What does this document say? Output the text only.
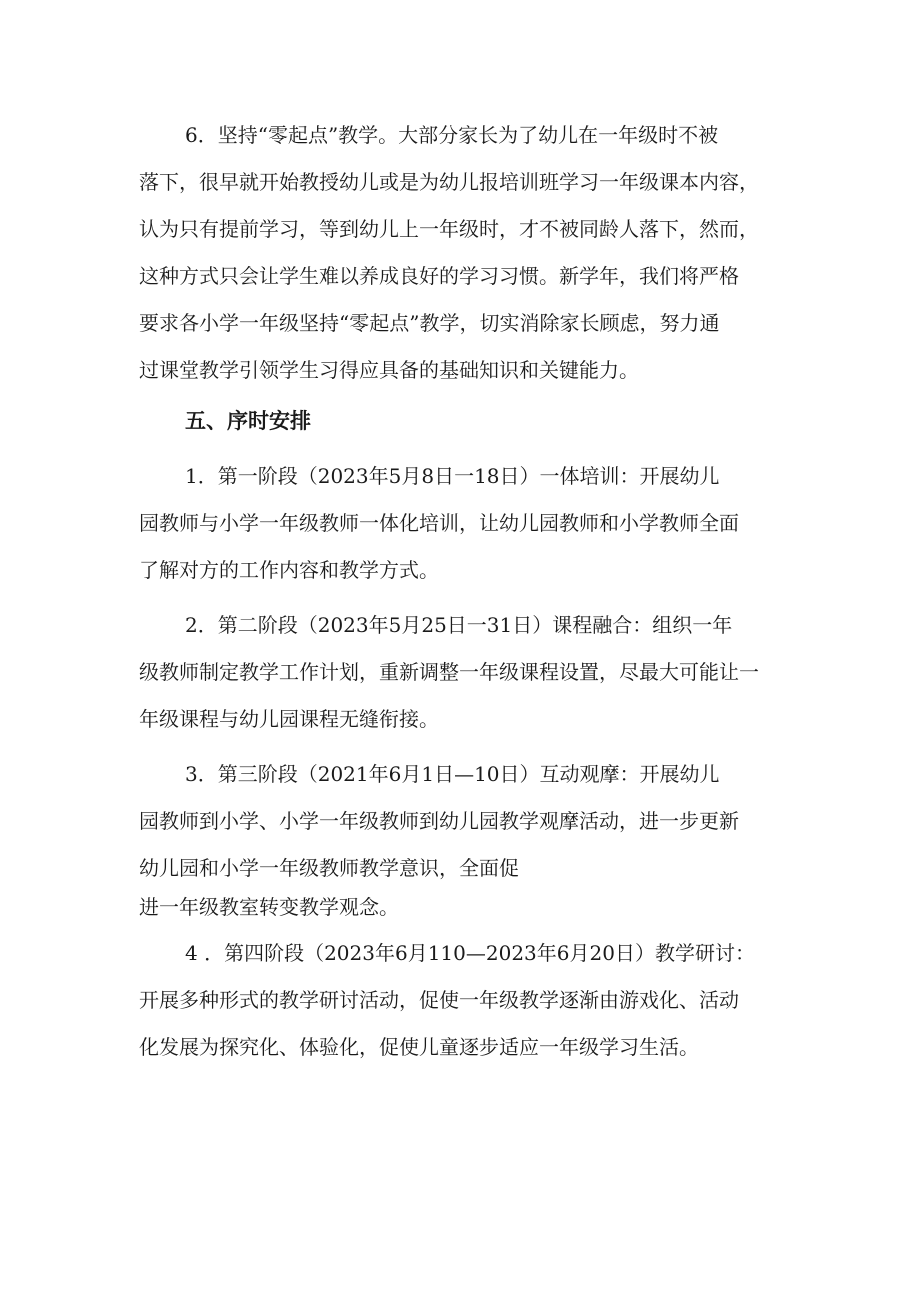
6．坚持“零起点”教学。大部分家长为了幼儿在一年级时不被
落下，很早就开始教授幼儿或是为幼儿报培训班学习一年级课本内容，
认为只有提前学习，等到幼儿上一年级时，才不被同龄人落下，然而，
这种方式只会让学生难以养成良好的学习习惯。新学年，我们将严格
要求各小学一年级坚持“零起点”教学，切实消除家长顾虑，努力通
过课堂教学引领学生习得应具备的基础知识和关键能力。

五、序时安排

1．第一阶段（2023年5月8日一18日）一体培训：开展幼儿
园教师与小学一年级教师一体化培训，让幼儿园教师和小学教师全面
了解对方的工作内容和教学方式。

2．第二阶段（2023年5月25日一31日）课程融合：组织一年
级教师制定教学工作计划，重新调整一年级课程设置，尽最大可能让一
年级课程与幼儿园课程无缝衔接。

3．第三阶段（2021年6月1日—10日）互动观摩：开展幼儿
园教师到小学、小学一年级教师到幼儿园教学观摩活动，进一步更新
幼儿园和小学一年级教师教学意识，全面促
进一年级教室转变教学观念。

4 ．第四阶段（2023年6月110—2023年6月20日）教学研讨：
开展多种形式的教学研讨活动，促使一年级教学逐渐由游戏化、活动
化发展为探究化、体验化，促使儿童逐步适应一年级学习生活。
